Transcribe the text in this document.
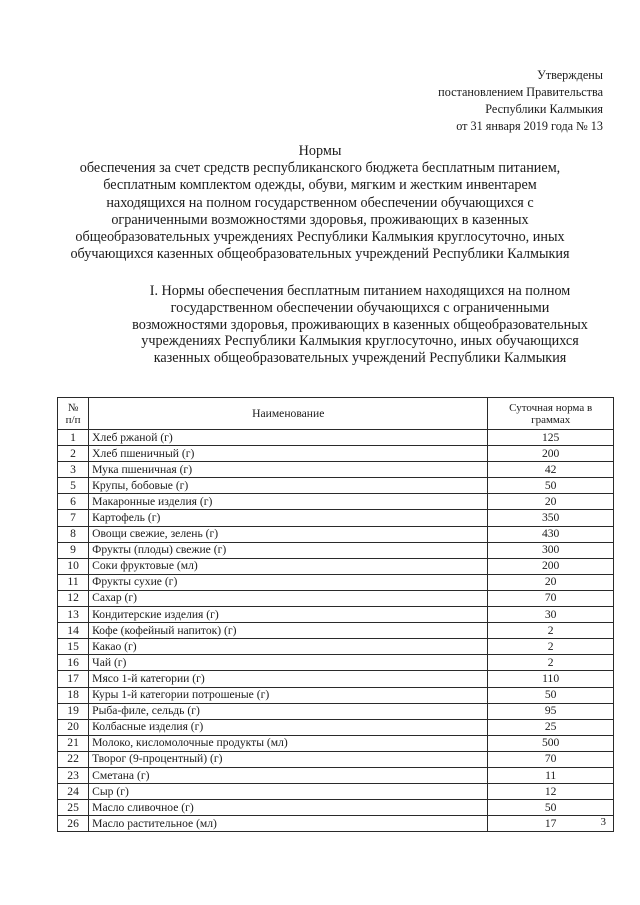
Утверждены
постановлением Правительства
Республики Калмыкия
от 31 января 2019 года № 13
Нормы
обеспечения за счет средств республиканского бюджета бесплатным питанием,
бесплатным комплектом одежды, обуви, мягким и жестким инвентарем
находящихся на полном государственном обеспечении обучающихся с
ограниченными возможностями здоровья, проживающих в казенных
общеобразовательных учреждениях Республики Калмыкия круглосуточно, иных
обучающихся казенных общеобразовательных учреждений Республики Калмыкия
I. Нормы обеспечения бесплатным питанием находящихся на полном
государственном обеспечении обучающихся с ограниченными
возможностями здоровья, проживающих в казенных общеобразовательных
учреждениях Республики Калмыкия круглосуточно, иных обучающихся
казенных общеобразовательных учреждений Республики Калмыкия
№
п/п	Наименование	Суточная норма в
граммах

1	Хлеб ржаной (г)	125
2	Хлеб пшеничный (г)	200
3	Мука пшеничная (г)	42
5	Крупы, бобовые (г)	50
6	Макаронные изделия (г)	20
7	Картофель (г)	350
8	Овощи свежие, зелень (г)	430
9	Фрукты (плоды) свежие (г)	300
10	Соки фруктовые (мл)	200
11	Фрукты сухие (г)	20
12	Сахар (г)	70
13	Кондитерские изделия (г)	30
14	Кофе (кофейный напиток) (г)	2
15	Какао (г)	2
16	Чай (г)	2
17	Мясо 1-й категории (г)	110
18	Куры 1-й категории потрошеные (г)	50
19	Рыба-филе, сельдь (г)	95
20	Колбасные изделия (г)	25
21	Молоко, кисломолочные продукты (мл)	500
22	Творог (9-процентный) (г)	70
23	Сметана (г)	11
24	Сыр (г)	12
25	Масло сливочное (г)	50
26	Масло растительное (мл)	17	3
